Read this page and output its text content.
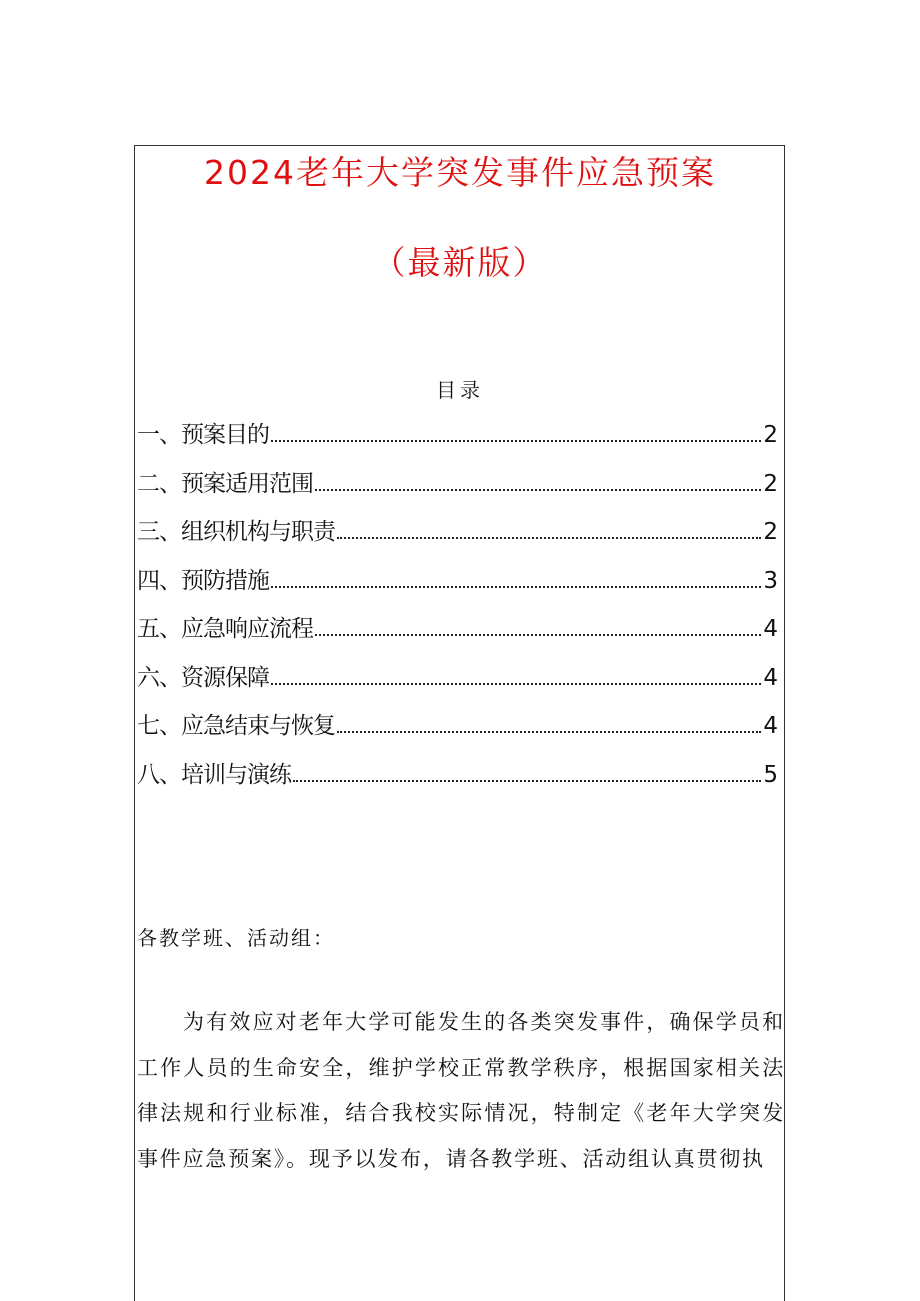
2024老年大学突发事件应急预案
（最新版）
目录
一、预案目的	2
二、预案适用范围	2
三、组织机构与职责	2
四、预防措施	3
五、应急响应流程	4
六、资源保障	4
七、应急结束与恢复	4
八、培训与演练	5
各教学班、活动组：

为有效应对老年大学可能发生的各类突发事件，确保学员和工作人员的生命安全，维护学校正常教学秩序，根据国家相关法律法规和行业标准，结合我校实际情况，特制定《老年大学突发事件应急预案》。现予以发布，请各教学班、活动组认真贯彻执
